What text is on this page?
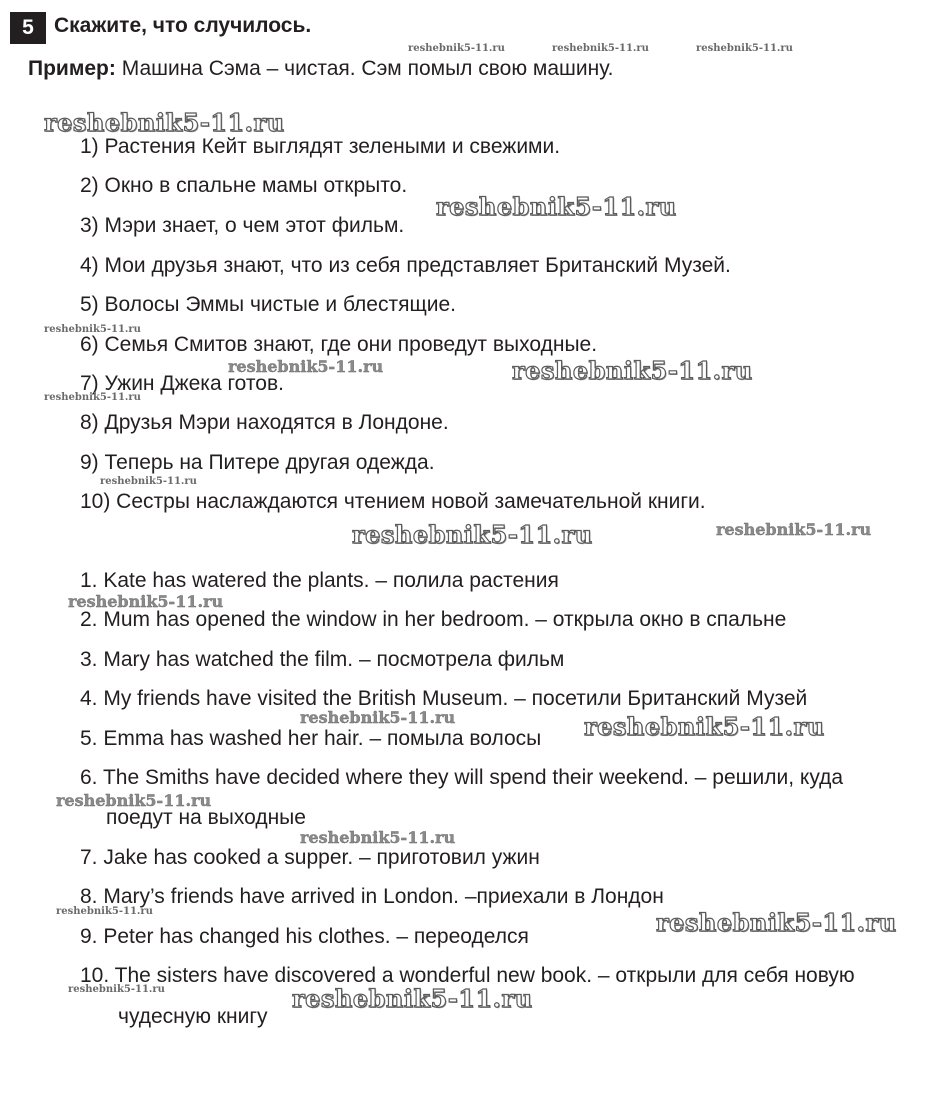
5 Скажите, что случилось.
Пример: Машина Сэма – чистая. Сэм помыл свою машину.
1) Растения Кейт выглядят зелеными и свежими.
2) Окно в спальне мамы открыто.
3) Мэри знает, о чем этот фильм.
4) Мои друзья знают, что из себя представляет Британский Музей.
5) Волосы Эммы чистые и блестящие.
6) Семья Смитов знают, где они проведут выходные.
7) Ужин Джека готов.
8) Друзья Мэри находятся в Лондоне.
9) Теперь на Питере другая одежда.
10) Сестры наслаждаются чтением новой замечательной книги.
1. Kate has watered the plants. – полила растения
2. Mum has opened the window in her bedroom. – открыла окно в спальне
3. Mary has watched the film. – посмотрела фильм
4. My friends have visited the British Museum. – посетили Британский Музей
5. Emma has washed her hair. – помыла волосы
6. The Smiths have decided where they will spend their weekend. – решили, куда
поедут на выходные
7. Jake has cooked a supper. – приготовил ужин
8. Mary’s friends have arrived in London. –приехали в Лондон
9. Peter has changed his clothes. – переоделся
10. The sisters have discovered a wonderful new book. – открыли для себя новую
чудесную книгу
reshebnik5-11.ru	reshebnik5-11.ru	reshebnik5-11.ru
reshebnik5-11.ru
reshebnik5-11.ru
reshebnik5-11.ru
reshebnik5-11.ru	reshebnik5-11.ru
reshebnik5-11.ru
reshebnik5-11.ru
reshebnik5-11.ru	reshebnik5-11.ru
reshebnik5-11.ru
reshebnik5-11.ru	reshebnik5-11.ru
reshebnik5-11.ru
reshebnik5-11.ru
reshebnik5-11.ru	reshebnik5-11.ru
reshebnik5-11.ru	reshebnik5-11.ru
